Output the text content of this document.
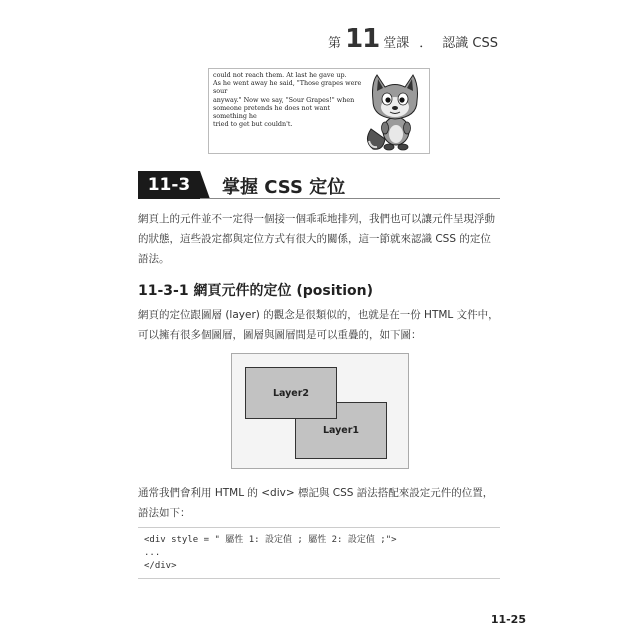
第 11 堂課 ． 認識 CSS
could not reach them. At last he gave up.
As he went away he said, "Those grapes were sour
anyway." Now we say, "Sour Grapes!" when
someone pretends he does not want something he
tried to get but couldn't.
11-3	掌握 CSS 定位

網頁上的元件並不一定得一個接一個乖乖地排列，我們也可以讓元件呈現浮動的狀態，這些設定都與定位方式有很大的關係，這一節就來認識 CSS 的定位語法。

11-3-1 網頁元件的定位 (position)

網頁的定位跟圖層 (layer) 的觀念是很類似的，也就是在一份 HTML 文件中，可以擁有很多個圖層，圖層與圖層間是可以重疊的，如下圖：

Layer1
Layer2

通常我們會利用 HTML 的 <div> 標記與 CSS 語法搭配來設定元件的位置，語法如下：

<div style = " 屬性 1: 設定值 ; 屬性 2: 設定值 ;">
...
</div>
11-25
